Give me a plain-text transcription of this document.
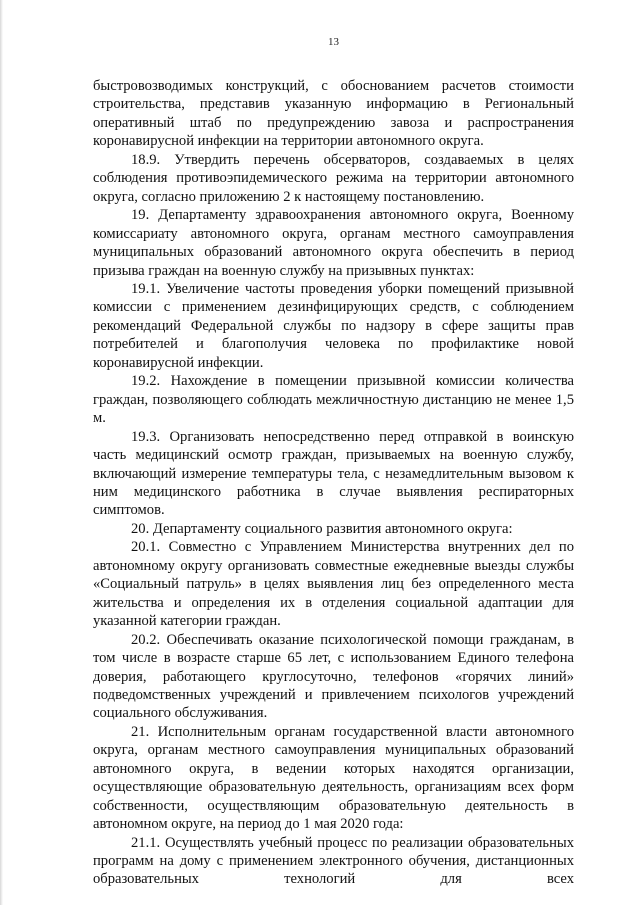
13

быстровозводимых конструкций, с обоснованием расчетов стоимости строительства, представив указанную информацию в Региональный оперативный штаб по предупреждению завоза и распространения коронавирусной инфекции на территории автономного округа.

18.9. Утвердить перечень обсерваторов, создаваемых в целях соблюдения противоэпидемического режима на территории автономного округа, согласно приложению 2 к настоящему постановлению.

19. Департаменту здравоохранения автономного округа, Военному комиссариату автономного округа, органам местного самоуправления муниципальных образований автономного округа обеспечить в период призыва граждан на военную службу на призывных пунктах:

19.1. Увеличение частоты проведения уборки помещений призывной комиссии с применением дезинфицирующих средств, с соблюдением рекомендаций Федеральной службы по надзору в сфере защиты прав потребителей и благополучия человека по профилактике новой коронавирусной инфекции.

19.2. Нахождение в помещении призывной комиссии количества граждан, позволяющего соблюдать межличностную дистанцию не менее 1,5 м.

19.3. Организовать непосредственно перед отправкой в воинскую часть медицинский осмотр граждан, призываемых на военную службу, включающий измерение температуры тела, с незамедлительным вызовом к ним медицинского работника в случае выявления респираторных симптомов.

20. Департаменту социального развития автономного округа:

20.1. Совместно с Управлением Министерства внутренних дел по автономному округу организовать совместные ежедневные выезды службы «Социальный патруль» в целях выявления лиц без определенного места жительства и определения их в отделения социальной адаптации для указанной категории граждан.

20.2. Обеспечивать оказание психологической помощи гражданам, в том числе в возрасте старше 65 лет, с использованием Единого телефона доверия, работающего круглосуточно, телефонов «горячих линий» подведомственных учреждений и привлечением психологов учреждений социального обслуживания.

21. Исполнительным органам государственной власти автономного округа, органам местного самоуправления муниципальных образований автономного округа, в ведении которых находятся организации, осуществляющие образовательную деятельность, организациям всех форм собственности, осуществляющим образовательную деятельность в автономном округе, на период до 1 мая 2020 года:

21.1. Осуществлять учебный процесс по реализации образовательных программ на дому с применением электронного обучения, дистанционных образовательных технологий для всех
